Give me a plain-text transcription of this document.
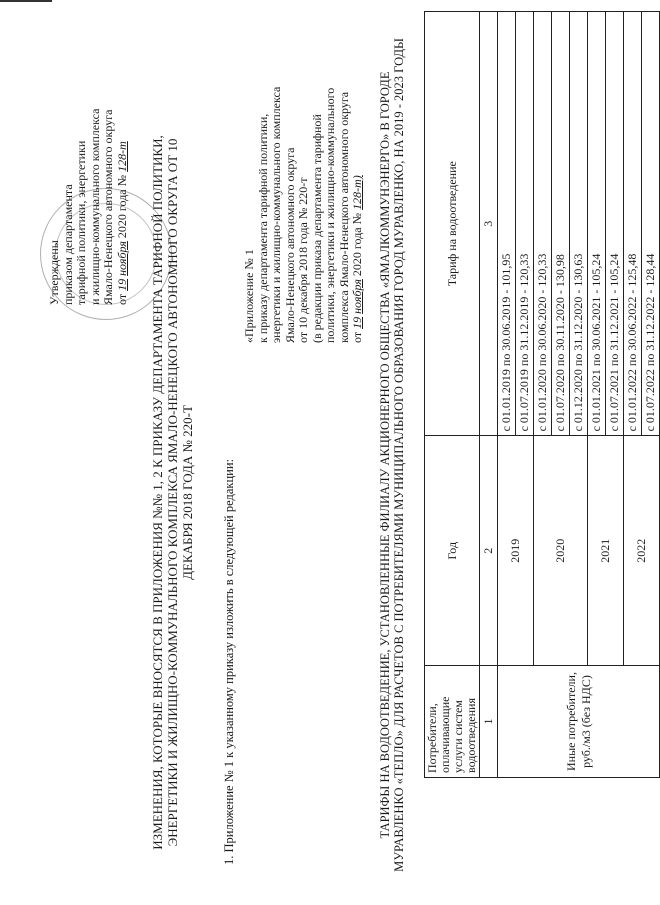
Утверждены приказом департамента тарифной политики, энергетики и жилищно-коммунального комплекса Ямало-Ненецкого автономного округа от 19 ноября 2020 года № 128-т ИЗМЕНЕНИЯ, КОТОРЫЕ ВНОСЯТСЯ В ПРИЛОЖЕНИЯ №№ 1, 2 К ПРИКАЗУ ДЕПАРТАМЕНТА ТАРИФНОЙ ПОЛИТИКИ, ЭНЕРГЕТИКИ И ЖИЛИЩНО-КОММУНАЛЬНОГО КОМПЛЕКСА ЯМАЛО-НЕНЕЦКОГО АВТОНОМНОГО ОКРУГА ОТ 10 ДЕКАБРЯ 2018 ГОДА № 220-Т 1. Приложение № 1 к указанному приказу изложить в следующей редакции:
«Приложение № 1 к приказу департамента тарифной политики, энергетики и жилищно-коммунального комплекса Ямало-Ненецкого автономного округа от 10 декабря 2018 года № 220-т (в редакции приказа департамента тарифной политики, энергетики и жилищно-коммунального комплекса Ямало-Ненецкого автономного округа от 19 ноября 2020 года № 128-т) ТАРИФЫ НА ВОДООТВЕДЕНИЕ, УСТАНОВЛЕННЫЕ ФИЛИАЛУ АКЦИОНЕРНОГО ОБЩЕСТВА «ЯМАЛКОММУНЭНЕРГО» В ГОРОДЕ МУРАВЛЕНКО «ТЕПЛО» ДЛЯ РАСЧЕТОВ С ПОТРЕБИТЕЛЯМИ МУНИЦИПАЛЬНОГО ОБРАЗОВАНИЯ ГОРОД МУРАВЛЕНКО, НА 2019 - 2023 ГОДЫ Потребители, оплачивающие услуги систем водоотведения	Год	Тариф на водоотведение
1	2	3
Иные потребители, руб./м3 (без НДС)	2019	с 01.01.2019 по 30.06.2019 - 101,95
		с 01.07.2019 по 31.12.2019 - 120,33
	2020	с 01.01.2020 по 30.06.2020 - 120,33
		с 01.07.2020 по 30.11.2020 - 130,98
		с 01.12.2020 по 31.12.2020 - 130,63
	2021	с 01.01.2021 по 30.06.2021 - 105,24
		с 01.07.2021 по 31.12.2021 - 105,24
	2022	с 01.01.2022 по 30.06.2022 - 125,48
		с 01.07.2022 по 31.12.2022 - 128,44
